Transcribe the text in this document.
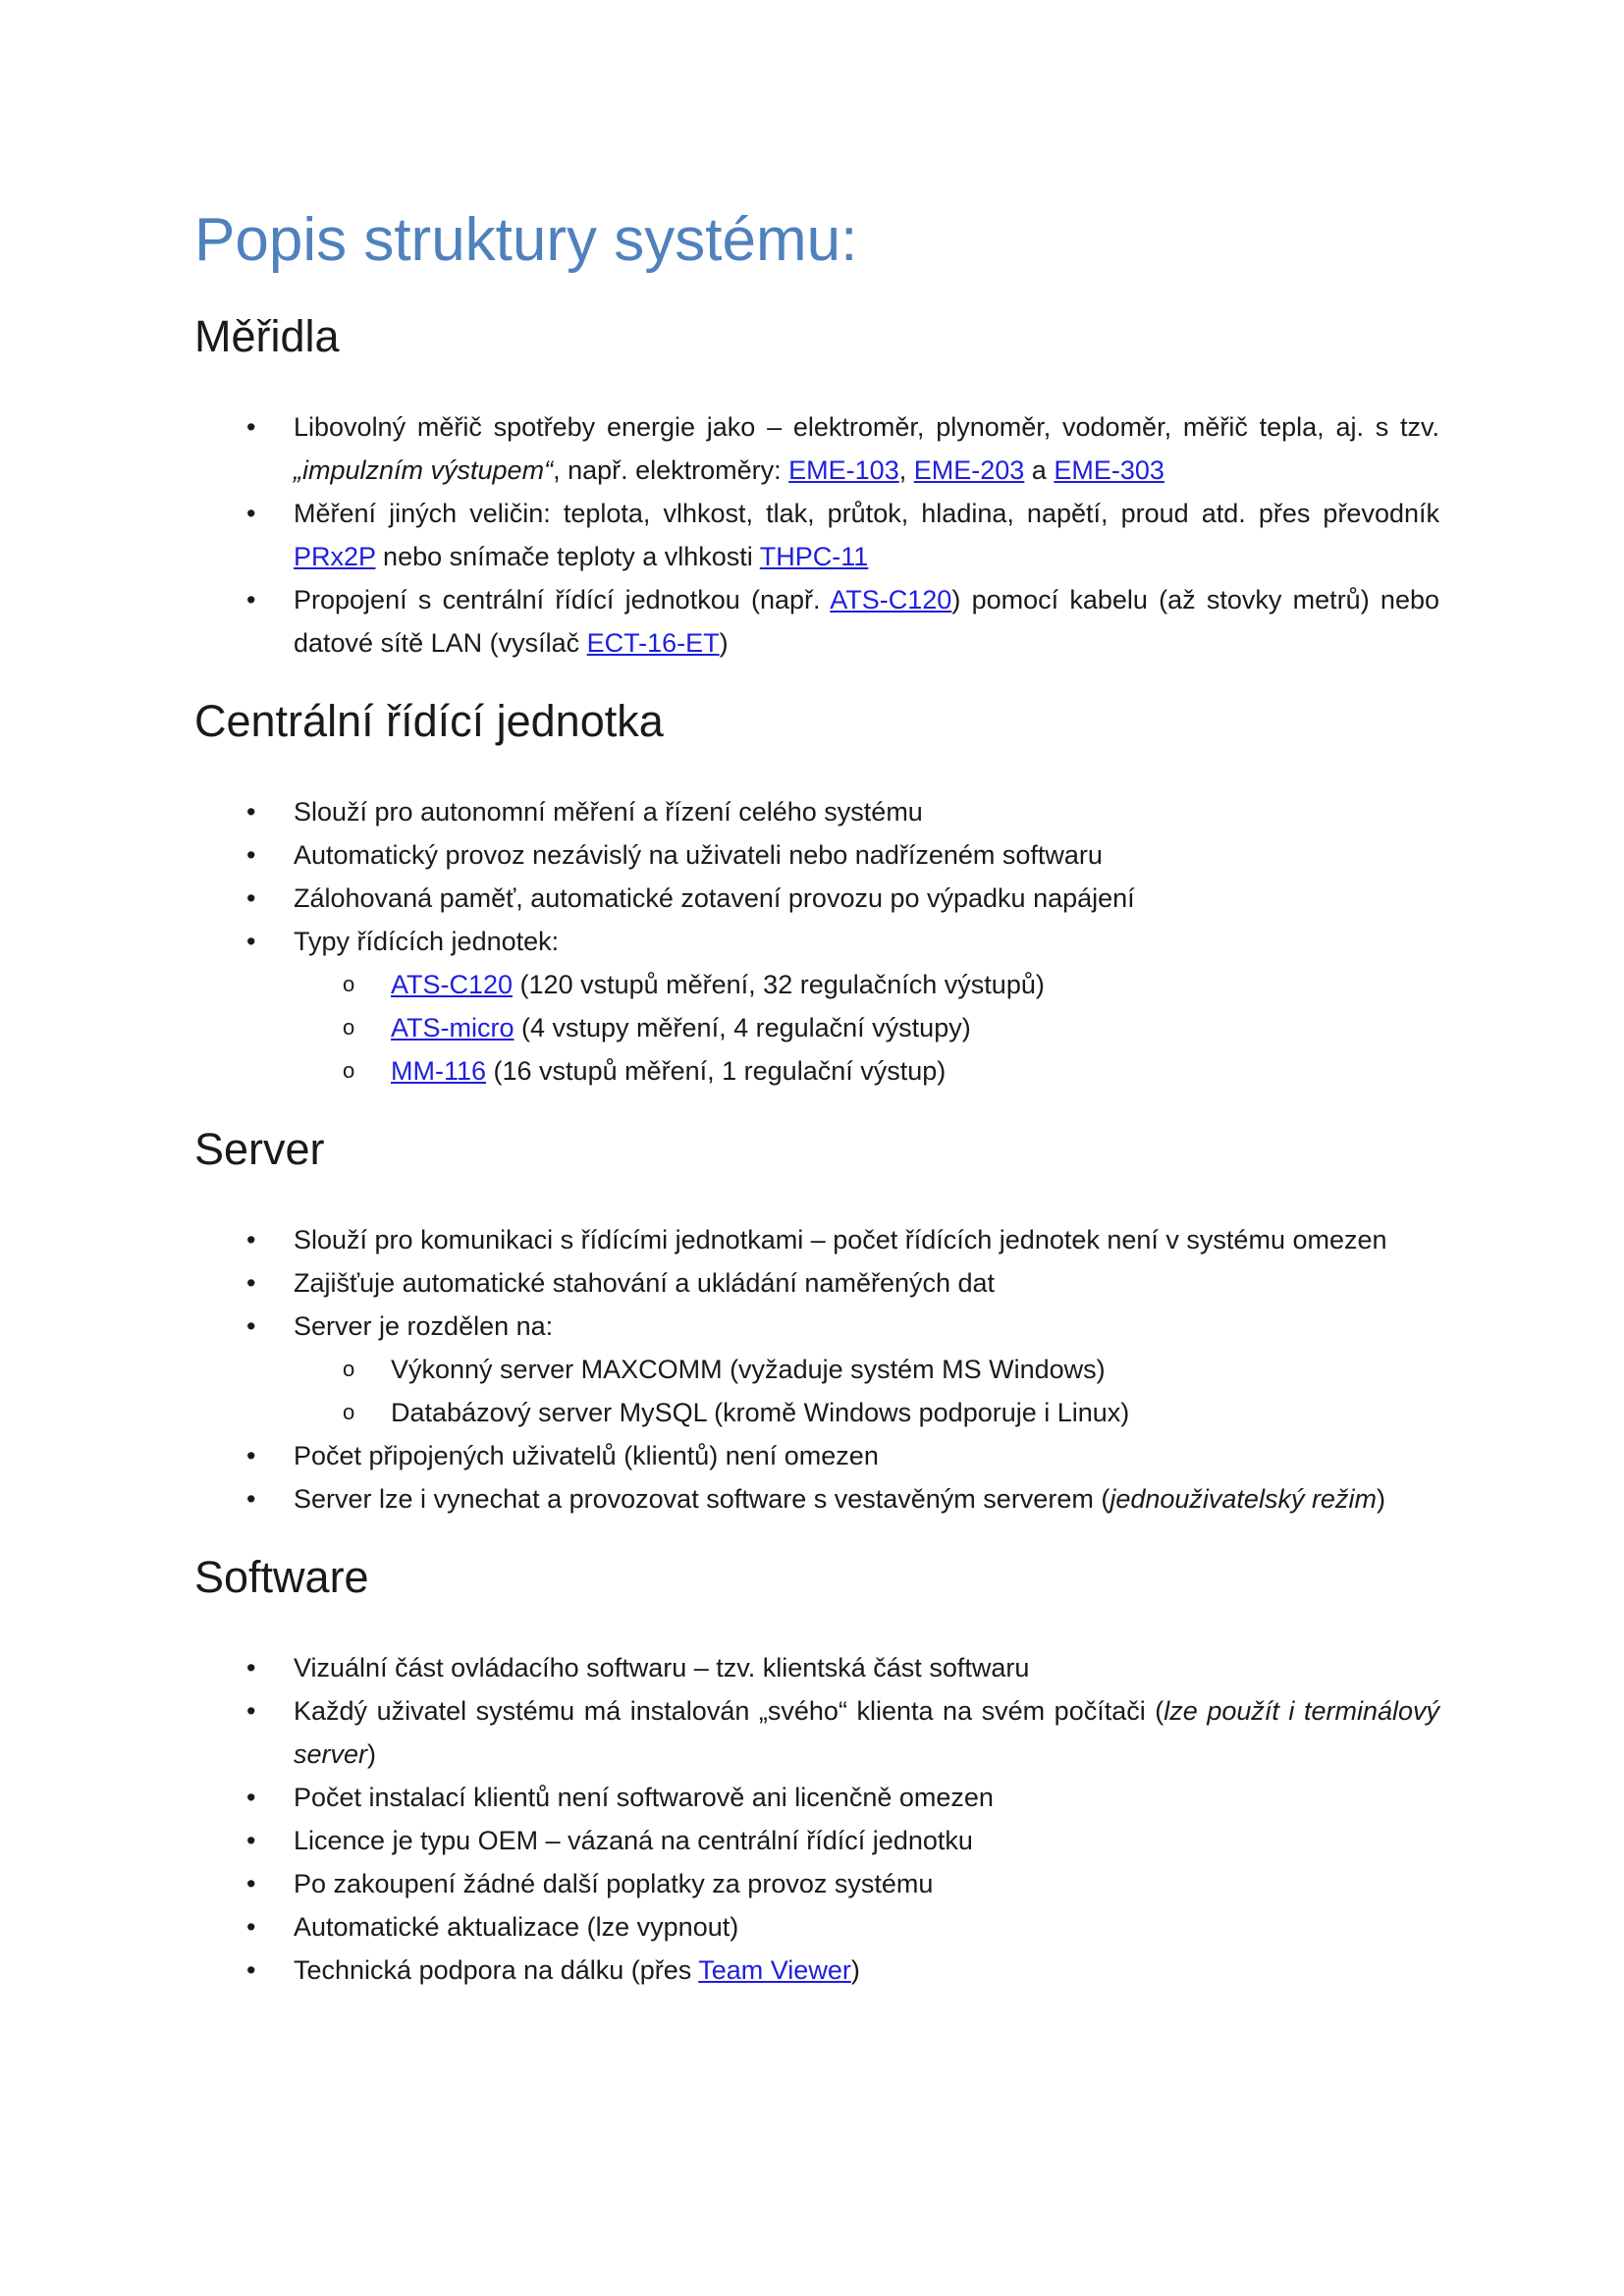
Popis struktury systému:
Měřidla
•	Libovolný měřič spotřeby energie jako – elektroměr, plynoměr, vodoměr, měřič tepla, aj. s tzv. „impulzním výstupem“, např. elektroměry: EME-103, EME-203 a EME-303
•	Měření jiných veličin: teplota, vlhkost, tlak, průtok, hladina, napětí, proud atd. přes převodník PRx2P nebo snímače teploty a vlhkosti THPC-11
•	Propojení s centrální řídící jednotkou (např. ATS-C120) pomocí kabelu (až stovky metrů) nebo datové sítě LAN (vysílač ECT-16-ET)
Centrální řídící jednotka
•	Slouží pro autonomní měření a řízení celého systému
•	Automatický provoz nezávislý na uživateli nebo nadřízeném softwaru
•	Zálohovaná paměť, automatické zotavení provozu po výpadku napájení
•	Typy řídících jednotek:
o ATS-C120 (120 vstupů měření, 32 regulačních výstupů)
o ATS-micro (4 vstupy měření, 4 regulační výstupy)
o MM-116 (16 vstupů měření, 1 regulační výstup)
Server
•	Slouží pro komunikaci s řídícími jednotkami – počet řídících jednotek není v systému omezen
•	Zajišťuje automatické stahování a ukládání naměřených dat
•	Server je rozdělen na:
o Výkonný server MAXCOMM (vyžaduje systém MS Windows)
o Databázový server MySQL (kromě Windows podporuje i Linux)
•	Počet připojených uživatelů (klientů) není omezen
•	Server lze i vynechat a provozovat software s vestavěným serverem (jednouživatelský režim)
Software
•	Vizuální část ovládacího softwaru – tzv. klientská část softwaru
•	Každý uživatel systému má instalován „svého“ klienta na svém počítači (lze použít i terminálový server)
•	Počet instalací klientů není softwarově ani licenčně omezen
•	Licence je typu OEM – vázaná na centrální řídící jednotku
•	Po zakoupení žádné další poplatky za provoz systému
•	Automatické aktualizace (lze vypnout)
•	Technická podpora na dálku (přes Team Viewer)
